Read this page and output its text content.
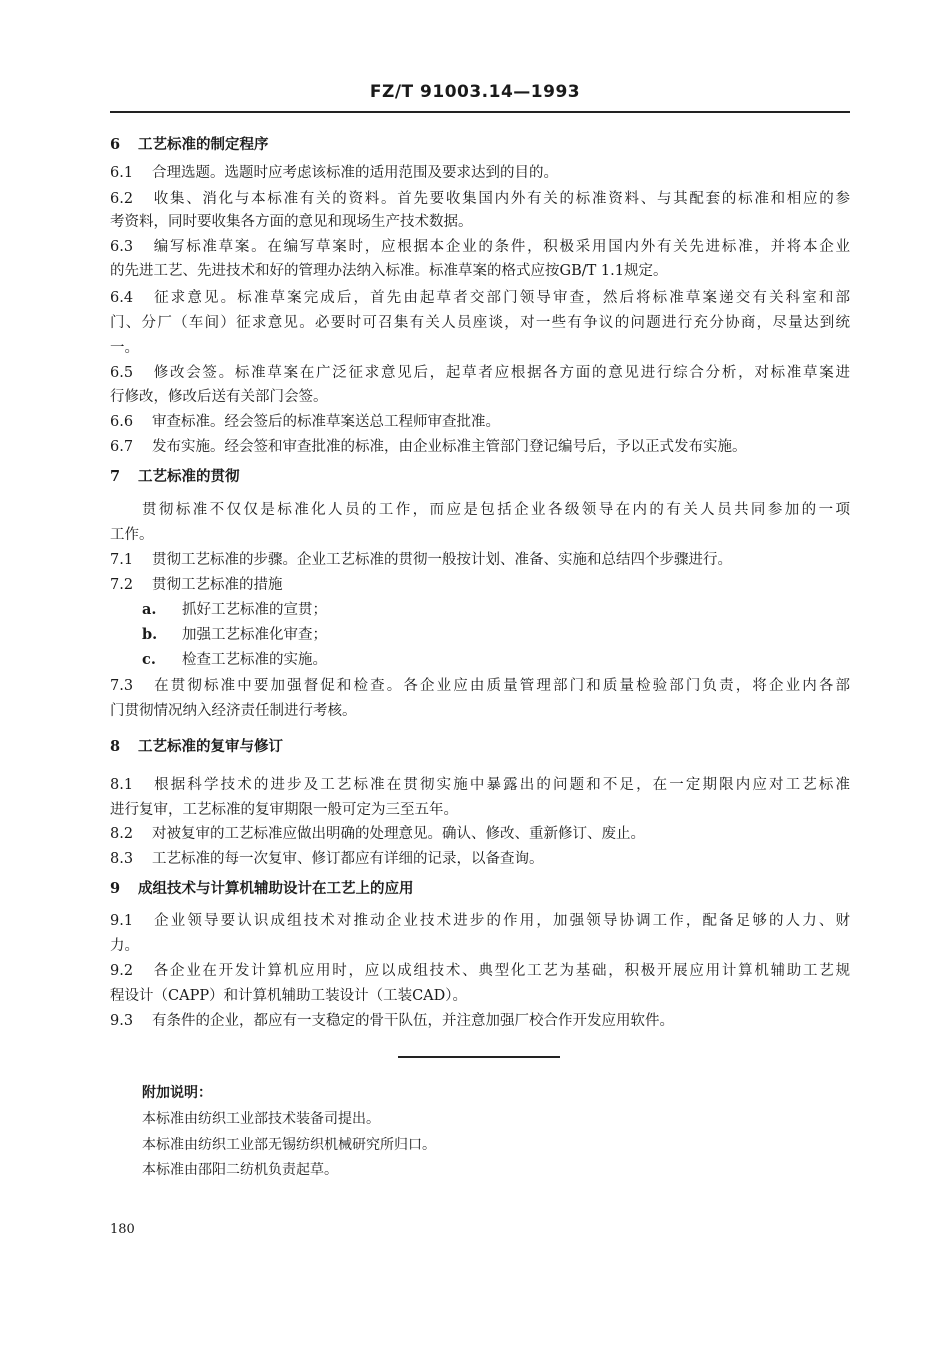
FZ/T 91003.14—1993
6 工艺标准的制定程序
6.1 合理选题。选题时应考虑该标准的适用范围及要求达到的目的。
6.2 收集、消化与本标准有关的资料。首先要收集国内外有关的标准资料、与其配套的标准和相应的参
考资料，同时要收集各方面的意见和现场生产技术数据。
6.3 编写标准草案。在编写草案时，应根据本企业的条件，积极采用国内外有关先进标准，并将本企业
的先进工艺、先进技术和好的管理办法纳入标准。标准草案的格式应按GB/T 1.1规定。
6.4 征求意见。标准草案完成后，首先由起草者交部门领导审查，然后将标准草案递交有关科室和部
门、分厂（车间）征求意见。必要时可召集有关人员座谈，对一些有争议的问题进行充分协商，尽量达到统
一。
6.5 修改会签。标准草案在广泛征求意见后，起草者应根据各方面的意见进行综合分析，对标准草案进
行修改，修改后送有关部门会签。
6.6 审查标准。经会签后的标准草案送总工程师审查批准。
6.7 发布实施。经会签和审查批准的标准，由企业标准主管部门登记编号后，予以正式发布实施。
7 工艺标准的贯彻
贯彻标准不仅仅是标准化人员的工作，而应是包括企业各级领导在内的有关人员共同参加的一项
工作。
7.1 贯彻工艺标准的步骤。企业工艺标准的贯彻一般按计划、准备、实施和总结四个步骤进行。
7.2 贯彻工艺标准的措施
a. 抓好工艺标准的宣贯；
b. 加强工艺标准化审查；
c. 检查工艺标准的实施。
7.3 在贯彻标准中要加强督促和检查。各企业应由质量管理部门和质量检验部门负责，将企业内各部
门贯彻情况纳入经济责任制进行考核。
8 工艺标准的复审与修订
8.1 根据科学技术的进步及工艺标准在贯彻实施中暴露出的问题和不足，在一定期限内应对工艺标准
进行复审，工艺标准的复审期限一般可定为三至五年。
8.2 对被复审的工艺标准应做出明确的处理意见。确认、修改、重新修订、废止。
8.3 工艺标准的每一次复审、修订都应有详细的记录，以备查询。
9 成组技术与计算机辅助设计在工艺上的应用
9.1 企业领导要认识成组技术对推动企业技术进步的作用，加强领导协调工作，配备足够的人力、财
力。
9.2 各企业在开发计算机应用时，应以成组技术、典型化工艺为基础，积极开展应用计算机辅助工艺规
程设计（CAPP）和计算机辅助工装设计（工装CAD）。
9.3 有条件的企业，都应有一支稳定的骨干队伍，并注意加强厂校合作开发应用软件。
附加说明：
本标准由纺织工业部技术装备司提出。
本标准由纺织工业部无锡纺织机械研究所归口。
本标准由邵阳二纺机负责起草。
180
